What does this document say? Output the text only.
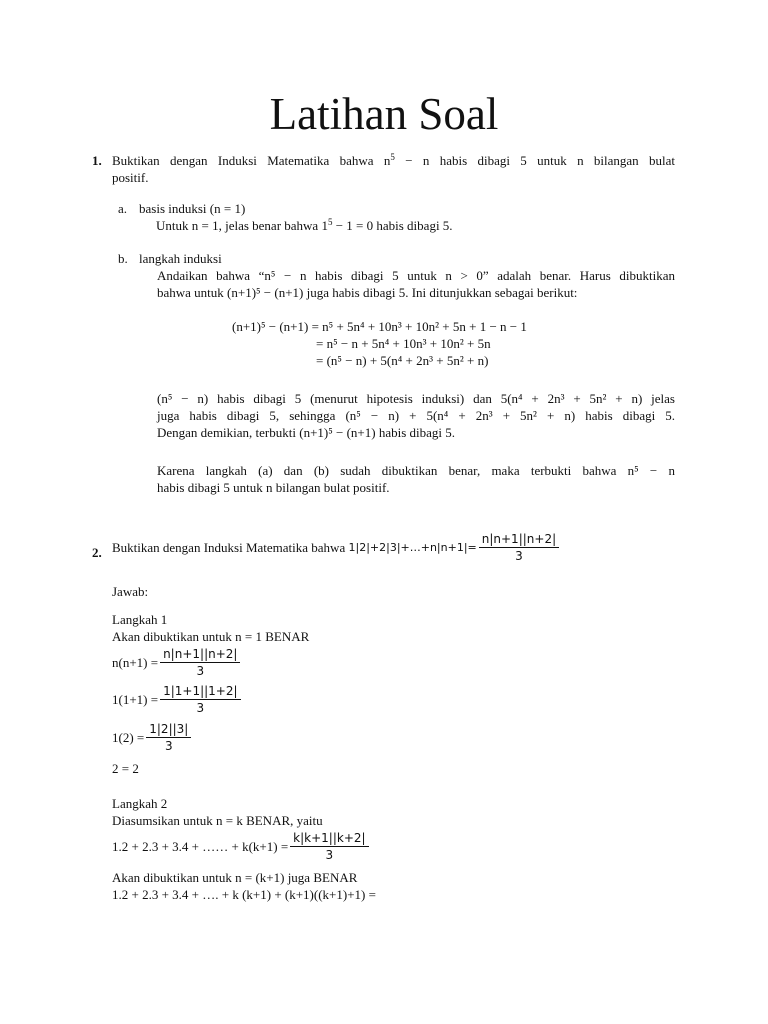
Latihan Soal
1. Buktikan dengan Induksi Matematika bahwa $n^5 - n$ habis dibagi 5 untuk n bilangan bulat
positif.
a. basis induksi (n = 1)
Untuk n = 1, jelas benar bahwa $1^5 - 1 = 0$ habis dibagi 5.
b. langkah induksi
Andaikan bahwa “n⁵ − n habis dibagi 5 untuk n > 0” adalah benar. Harus dibuktikan
bahwa untuk (n+1)⁵ − (n+1) juga habis dibagi 5. Ini ditunjukkan sebagai berikut:
(n+1)⁵ − (n+1) = n⁵ + 5n⁴ + 10n³ + 10n² + 5n + 1 − n − 1
= n⁵ − n + 5n⁴ + 10n³ + 10n² + 5n
= (n⁵ − n) + 5(n⁴ + 2n³ + 5n² + n)
(n⁵ − n) habis dibagi 5 (menurut hipotesis induksi) dan 5(n⁴ + 2n³ + 5n² + n) jelas
juga habis dibagi 5, sehingga (n⁵ − n) + 5(n⁴ + 2n³ + 5n² + n) habis dibagi 5.
Dengan demikian, terbukti (n+1)⁵ − (n+1) habis dibagi 5.
Karena langkah (a) dan (b) sudah dibuktikan benar, maka terbukti bahwa n⁵ − n
habis dibagi 5 untuk n bilangan bulat positif.
2. Buktikan dengan Induksi Matematika bahwa 1|2|+2|3|+…+n|n+1|= $\frac{n|n+1||n+2|}{3}$
Jawab:
Langkah 1
Akan dibuktikan untuk n = 1 BENAR
$n(n+1) = \frac{n|n+1||n+2|}{3}$
$1(1+1) = \frac{1|1+1||1+2|}{3}$
$1(2) = \frac{1|2||3|}{3}$
2 = 2
Langkah 2
Diasumsikan untuk n = k BENAR, yaitu
1.2 + 2.3 + 3.4 + …… + $k(k+1) = \frac{k|k+1||k+2|}{3}$
Akan dibuktikan untuk n = (k+1) juga BENAR
1.2 + 2.3 + 3.4 + …. + k (k+1) + (k+1)((k+1)+1) =
